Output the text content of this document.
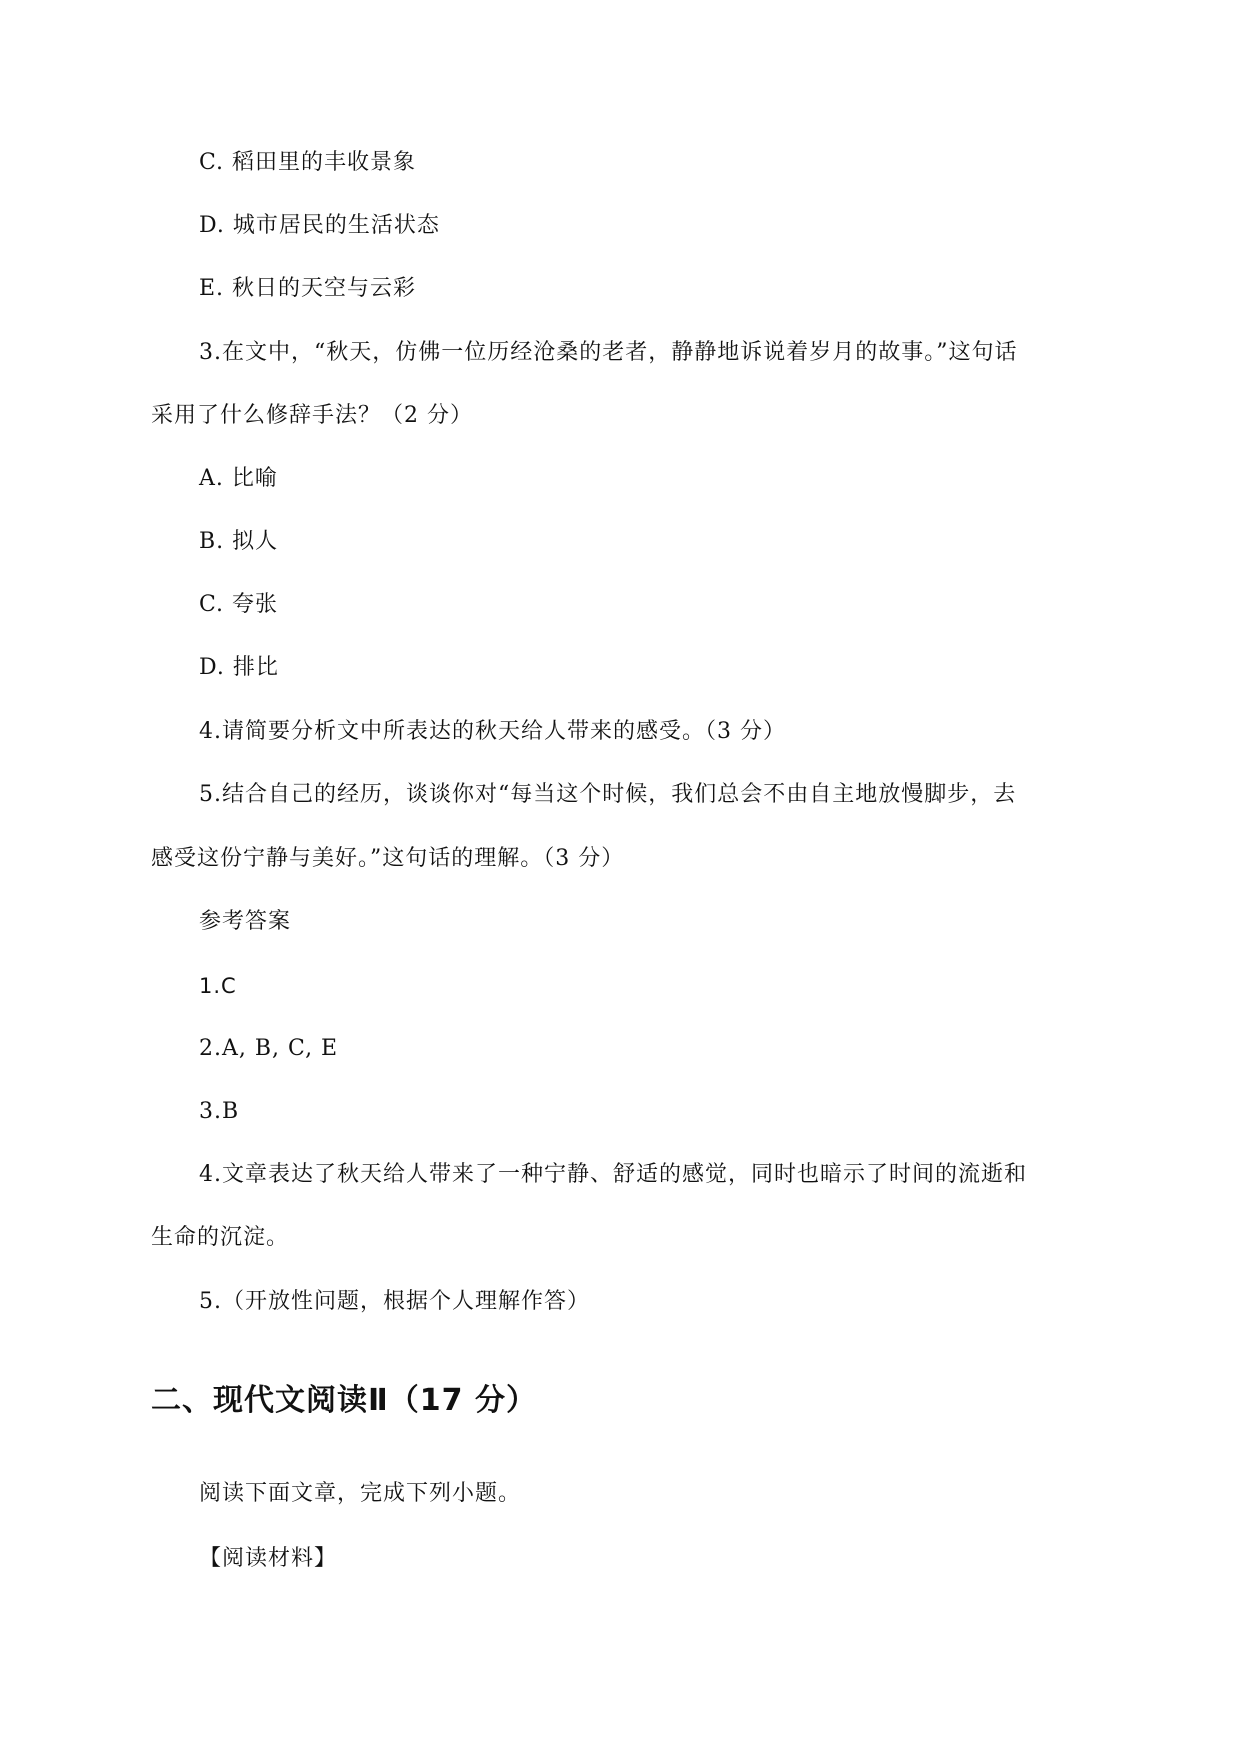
C. 稻田里的丰收景象
D. 城市居民的生活状态
E. 秋日的天空与云彩
3.在文中，“秋天，仿佛一位历经沧桑的老者，静静地诉说着岁月的故事。”这句话
采用了什么修辞手法？（2 分）
A. 比喻
B. 拟人
C. 夸张
D. 排比
4.请简要分析文中所表达的秋天给人带来的感受。（3 分）
5.结合自己的经历，谈谈你对“每当这个时候，我们总会不由自主地放慢脚步，去
感受这份宁静与美好。”这句话的理解。（3 分）
参考答案
1.C
2.A, B, C, E
3.B
4.文章表达了秋天给人带来了一种宁静、舒适的感觉，同时也暗示了时间的流逝和
生命的沉淀。
5.（开放性问题，根据个人理解作答）
二、现代文阅读Ⅱ（17 分）
阅读下面文章，完成下列小题。
【阅读材料】
